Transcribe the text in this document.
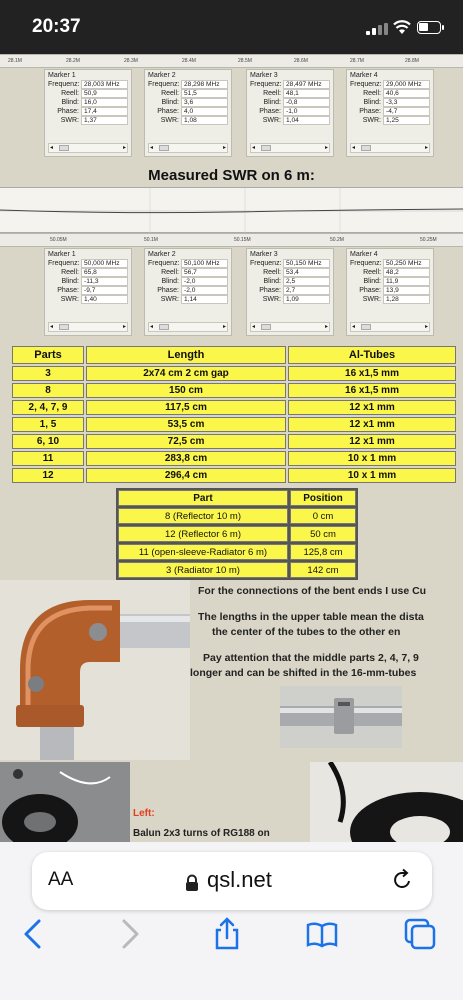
20:37
28.1M	28.2M	28.3M	28.4M	28.5M	28.6M	28.7M	28.8M
Marker 1
Frequenz: 28,003 MHz
Reell: 50,9
Blind: 16,0
Phase: 17,4
SWR: 1,37
◂	▸
Marker 2
Frequenz: 28,298 MHz
Reell: 51,5
Blind: 3,6
Phase: 4,0
SWR: 1,08
◂	▸
Marker 3
Frequenz: 28,497 MHz
Reell: 48,1
Blind: -0,8
Phase: -1,0
SWR: 1,04
◂	▸
Marker 4
Frequenz: 29,000 MHz
Reell: 40,6
Blind: -3,3
Phase: -4,7
SWR: 1,25
◂	▸
Measured SWR on 6 m:
50.05M	50.1M	50.15M	50.2M	50.25M
Marker 1
Frequenz: 50,000 MHz
Reell: 65,8
Blind: -11,3
Phase: -9,7
SWR: 1,40
◂	▸
Marker 2
Frequenz: 50,100 MHz
Reell: 56,7
Blind: -2,0
Phase: -2,0
SWR: 1,14
◂	▸
Marker 3
Frequenz: 50,150 MHz
Reell: 53,4
Blind: 2,5
Phase: 2,7
SWR: 1,09
◂	▸
Marker 4
Frequenz: 50,250 MHz
Reell: 48,2
Blind: 11,9
Phase: 13,9
SWR: 1,28
◂	▸
Parts	Length	Al-Tubes
3	2x74 cm 2 cm gap	16 x1,5 mm
8	150 cm	16 x1,5 mm
2, 4, 7, 9	117,5 cm	12 x1 mm
1, 5	53,5 cm	12 x1 mm
6, 10	72,5 cm	12 x1 mm
11	283,8 cm	10 x 1 mm
12	296,4 cm	10 x 1 mm
Part	Position
8 (Reflector 10 m)	0 cm
12 (Reflector 6 m)	50 cm
11 (open-sleeve-Radiator 6 m)	125,8 cm
3 (Radiator 10 m)	142 cm
For the connections of the bent ends I use Cu
The lengths in the upper table mean the dista
the center of the tubes to the other en
Pay attention that the middle parts 2, 4, 7, 9
longer and can be shifted in the 16-mm-tubes
Left:
Balun 2x3 turns of RG188 on
AA	qsl.net
